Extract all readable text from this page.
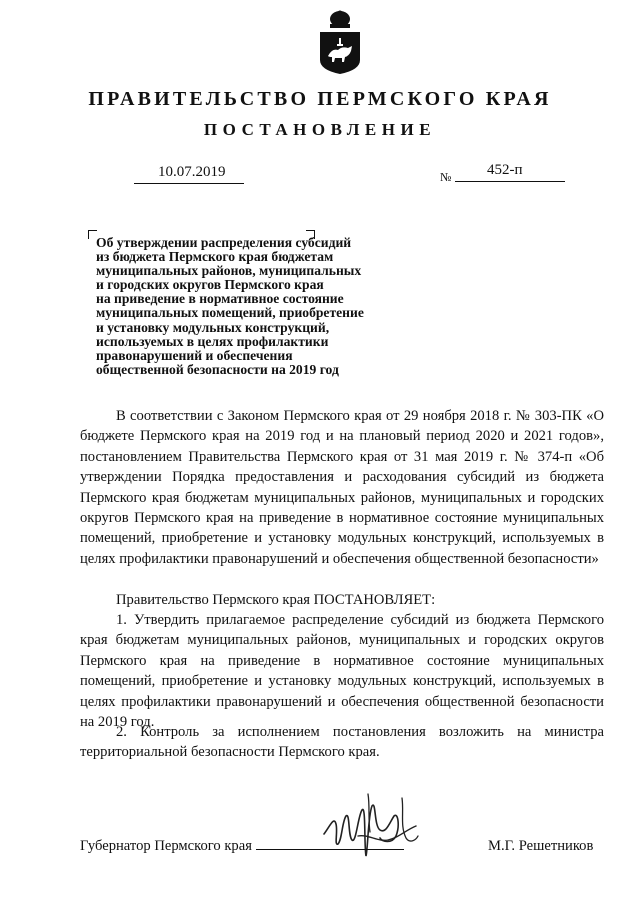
ПРАВИТЕЛЬСТВО ПЕРМСКОГО КРАЯ
ПОСТАНОВЛЕНИЕ
10.07.2019	№ 452-п
Об утверждении распределения субсидий
из бюджета Пермского края бюджетам
муниципальных районов, муниципальных
и городских округов Пермского края
на приведение в нормативное состояние
муниципальных помещений, приобретение
и установку модульных конструкций,
используемых в целях профилактики
правонарушений и обеспечения
общественной безопасности на 2019 год

В соответствии с Законом Пермского края от 29 ноября 2018 г. № 303-ПК «О бюджете Пермского края на 2019 год и на плановый период 2020 и 2021 годов», постановлением Правительства Пермского края от 31 мая 2019 г. № 374-п «Об утверждении Порядка предоставления и расходования субсидий из бюджета Пермского края бюджетам муниципальных районов, муниципальных и городских округов Пермского края на приведение в нормативное состояние муниципальных помещений, приобретение и установку модульных конструкций, используемых в целях профилактики правонарушений и обеспечения общественной безопасности»

Правительство Пермского края ПОСТАНОВЛЯЕТ:

1. Утвердить прилагаемое распределение субсидий из бюджета Пермского края бюджетам муниципальных районов, муниципальных и городских округов Пермского края на приведение в нормативное состояние муниципальных помещений, приобретение и установку модульных конструкций, используемых в целях профилактики правонарушений и обеспечения общественной безопасности на 2019 год.

2. Контроль за исполнением постановления возложить на министра территориальной безопасности Пермского края.

Губернатор Пермского края	М.Г. Решетников
